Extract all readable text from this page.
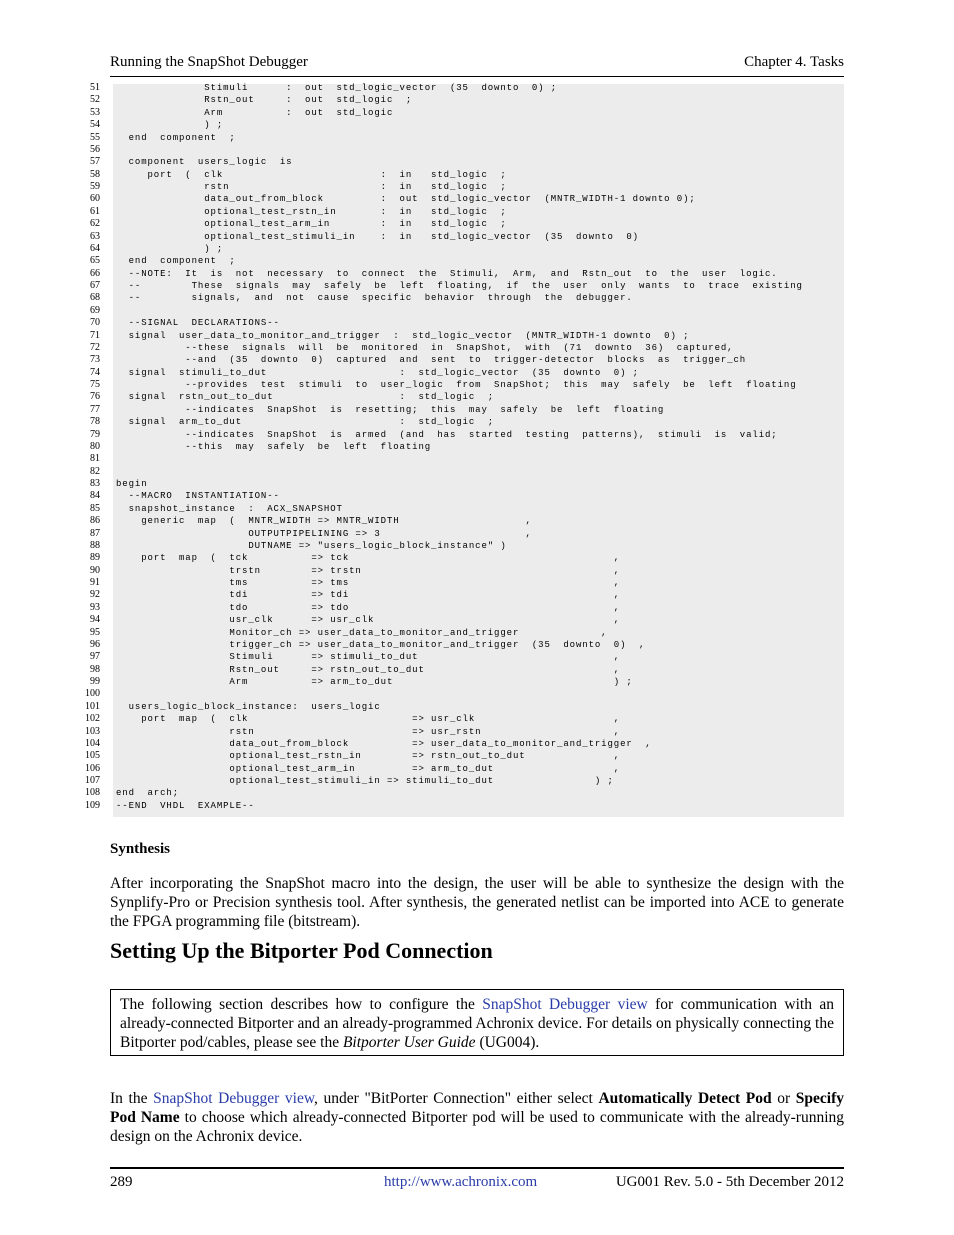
Running the SnapShot Debugger	Chapter 4. Tasks
51 Stimuli      :  out  std_logic_vector  (35  downto  0) ;
52 Rstn_out     :  out  std_logic  ;
53 Arm          :  out  std_logic
54 ) ;
55 end  component  ;
56
57 component  users_logic  is
58 port  (  clk                         :  in   std_logic  ;
59 rstn                        :  in   std_logic  ;
60 data_out_from_block         :  out  std_logic_vector  (MNTR_WIDTH-1 downto 0);
61 optional_test_rstn_in       :  in   std_logic  ;
62 optional_test_arm_in        :  in   std_logic  ;
63 optional_test_stimuli_in    :  in   std_logic_vector  (35  downto  0)
64 ) ;
65 end  component  ;
66 --NOTE:  It  is  not  necessary  to  connect  the  Stimuli,  Arm,  and  Rstn_out  to  the  user  logic.
67 --        These  signals  may  safely  be  left  floating,  if  the  user  only  wants  to  trace  existing
68 --        signals,  and  not  cause  specific  behavior  through  the  debugger.
69
70 --SIGNAL  DECLARATIONS--
71 signal  user_data_to_monitor_and_trigger  :  std_logic_vector  (MNTR_WIDTH-1 downto  0) ;
72 --these  signals  will  be  monitored  in  SnapShot,  with  (71  downto  36)  captured,
73 --and  (35  downto  0)  captured  and  sent  to  trigger-detector  blocks  as  trigger_ch
74 signal  stimuli_to_dut                     :  std_logic_vector  (35  downto  0) ;
75 --provides  test  stimuli  to  user_logic  from  SnapShot;  this  may  safely  be  left  floating
76 signal  rstn_out_to_dut                    :  std_logic  ;
77 --indicates  SnapShot  is  resetting;  this  may  safely  be  left  floating
78 signal  arm_to_dut                         :  std_logic  ;
79 --indicates  SnapShot  is  armed  (and  has  started  testing  patterns),  stimuli  is  valid;
80 --this  may  safely  be  left  floating
81
82
83 begin
84 --MACRO  INSTANTIATION--
85 snapshot_instance  :  ACX_SNAPSHOT
86 generic  map  (  MNTR_WIDTH => MNTR_WIDTH                    ,
87 OUTPUTPIPELINING => 3                       ,
88 DUTNAME => "users_logic_block_instance" )
89 port  map  (  tck          => tck                                          ,
90 trstn        => trstn                                        ,
91 tms          => tms                                          ,
92 tdi          => tdi                                          ,
93 tdo          => tdo                                          ,
94 usr_clk      => usr_clk                                      ,
95 Monitor_ch => user_data_to_monitor_and_trigger             ,
96 trigger_ch => user_data_to_monitor_and_trigger  (35  downto  0)  ,
97 Stimuli      => stimuli_to_dut                               ,
98 Rstn_out     => rstn_out_to_dut                              ,
99 Arm          => arm_to_dut                                   ) ;
100
101 users_logic_block_instance:  users_logic
102 port  map  (  clk                          => usr_clk                      ,
103 rstn                         => usr_rstn                     ,
104 data_out_from_block          => user_data_to_monitor_and_trigger  ,
105 optional_test_rstn_in        => rstn_out_to_dut              ,
106 optional_test_arm_in         => arm_to_dut                   ,
107 optional_test_stimuli_in => stimuli_to_dut                ) ;
108 end  arch;
109 --END  VHDL  EXAMPLE--
Synthesis
After incorporating the SnapShot macro into the design, the user will be able to synthesize the design with the Synplify-Pro or Precision synthesis tool. After synthesis, the generated netlist can be imported into ACE to generate the FPGA programming file (bitstream).
Setting Up the Bitporter Pod Connection
The following section describes how to configure the SnapShot Debugger view for communication with an already-connected Bitporter and an already-programmed Achronix device. For details on physically connecting the Bitporter pod/cables, please see the Bitporter User Guide (UG004).
In the SnapShot Debugger view, under "BitPorter Connection" either select Automatically Detect Pod or Specify Pod Name to choose which already-connected Bitporter pod will be used to communicate with the already-running design on the Achronix device.
289	http://www.achronix.com	UG001 Rev. 5.0 - 5th December 2012
